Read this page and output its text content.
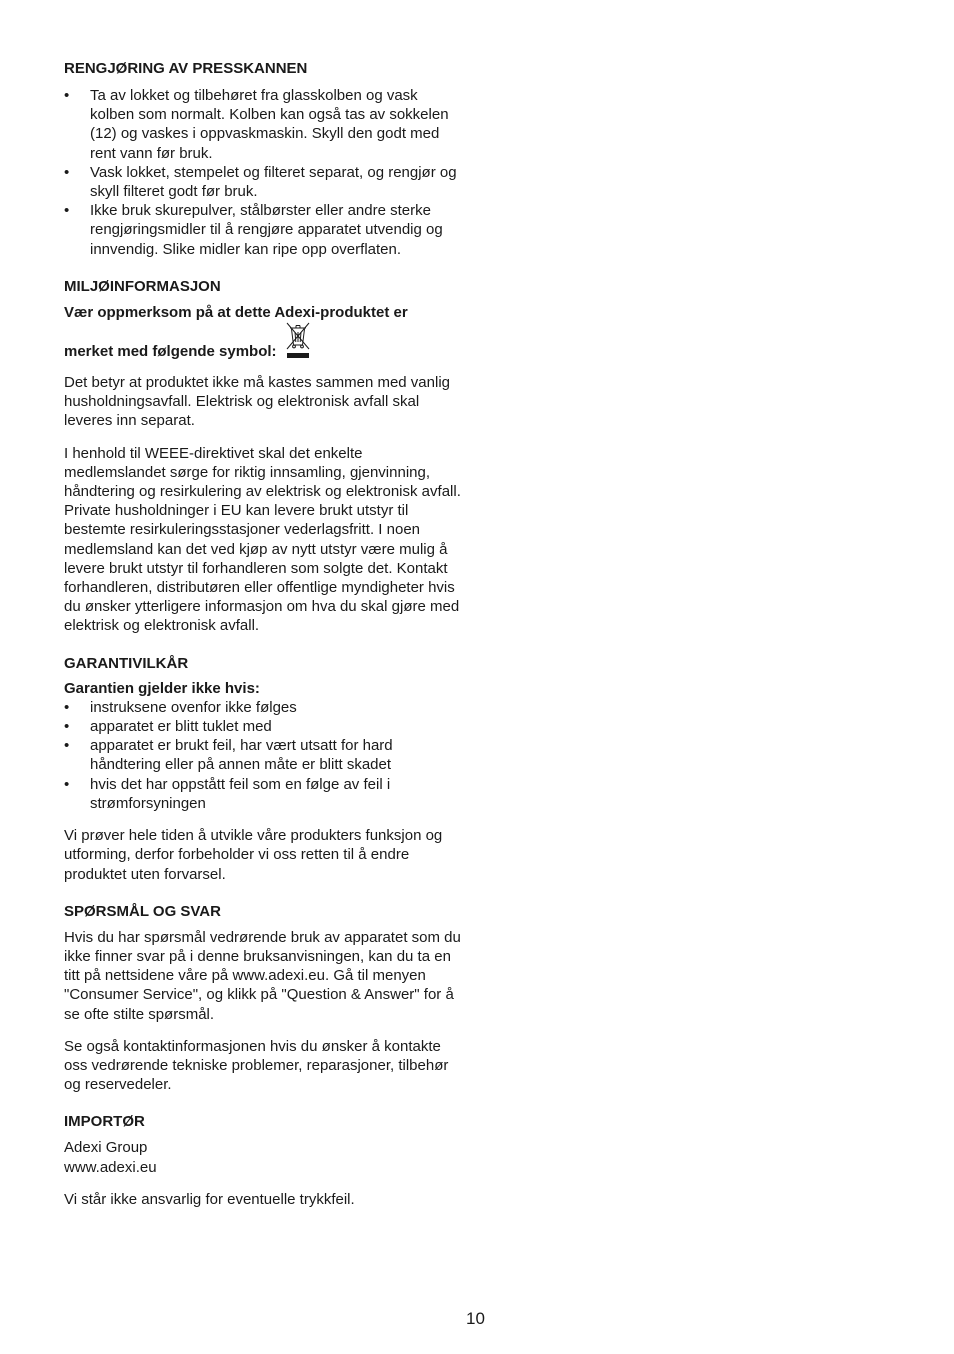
RENGJØRING AV PRESSKANNEN
• Ta av lokket og tilbehøret fra glasskolben og vask kolben som normalt. Kolben kan også tas av sokkelen (12) og vaskes i oppvaskmaskin. Skyll den godt med rent vann før bruk.
• Vask lokket, stempelet og filteret separat, og rengjør og skyll filteret godt før bruk.
• Ikke bruk skurepulver, stålbørster eller andre sterke rengjøringsmidler til å rengjøre apparatet utvendig og innvendig. Slike midler kan ripe opp overflaten.
MILJØINFORMASJON

Vær oppmerksom på at dette Adexi-produktet er

merket med følgende symbol:

Det betyr at produktet ikke må kastes sammen med vanlig husholdningsavfall. Elektrisk og elektronisk avfall skal leveres inn separat.

I henhold til WEEE-direktivet skal det enkelte medlemslandet sørge for riktig innsamling, gjenvinning, håndtering og resirkulering av elektrisk og elektronisk avfall. Private husholdninger i EU kan levere brukt utstyr til bestemte resirkuleringsstasjoner vederlagsfritt. I noen medlemsland kan det ved kjøp av nytt utstyr være mulig å levere brukt utstyr til forhandleren som solgte det. Kontakt forhandleren, distributøren eller offentlige myndigheter hvis du ønsker ytterligere informasjon om hva du skal gjøre med elektrisk og elektronisk avfall.

GARANTIVILKÅR

Garantien gjelder ikke hvis:

• instruksene ovenfor ikke følges
• apparatet er blitt tuklet med
• apparatet er brukt feil, har vært utsatt for hard håndtering eller på annen måte er blitt skadet
• hvis det har oppstått feil som en følge av feil i strømforsyningen

Vi prøver hele tiden å utvikle våre produkters funksjon og utforming, derfor forbeholder vi oss retten til å endre produktet uten forvarsel.

SPØRSMÅL OG SVAR

Hvis du har spørsmål vedrørende bruk av apparatet som du ikke finner svar på i denne bruksanvisningen, kan du ta en titt på nettsidene våre på www.adexi.eu. Gå til menyen "Consumer Service", og klikk på "Question & Answer" for å se ofte stilte spørsmål.

Se også kontaktinformasjonen hvis du ønsker å kontakte oss vedrørende tekniske problemer, reparasjoner, tilbehør og reservedeler.

IMPORTØR

Adexi Group

www.adexi.eu

Vi står ikke ansvarlig for eventuelle trykkfeil.

10
